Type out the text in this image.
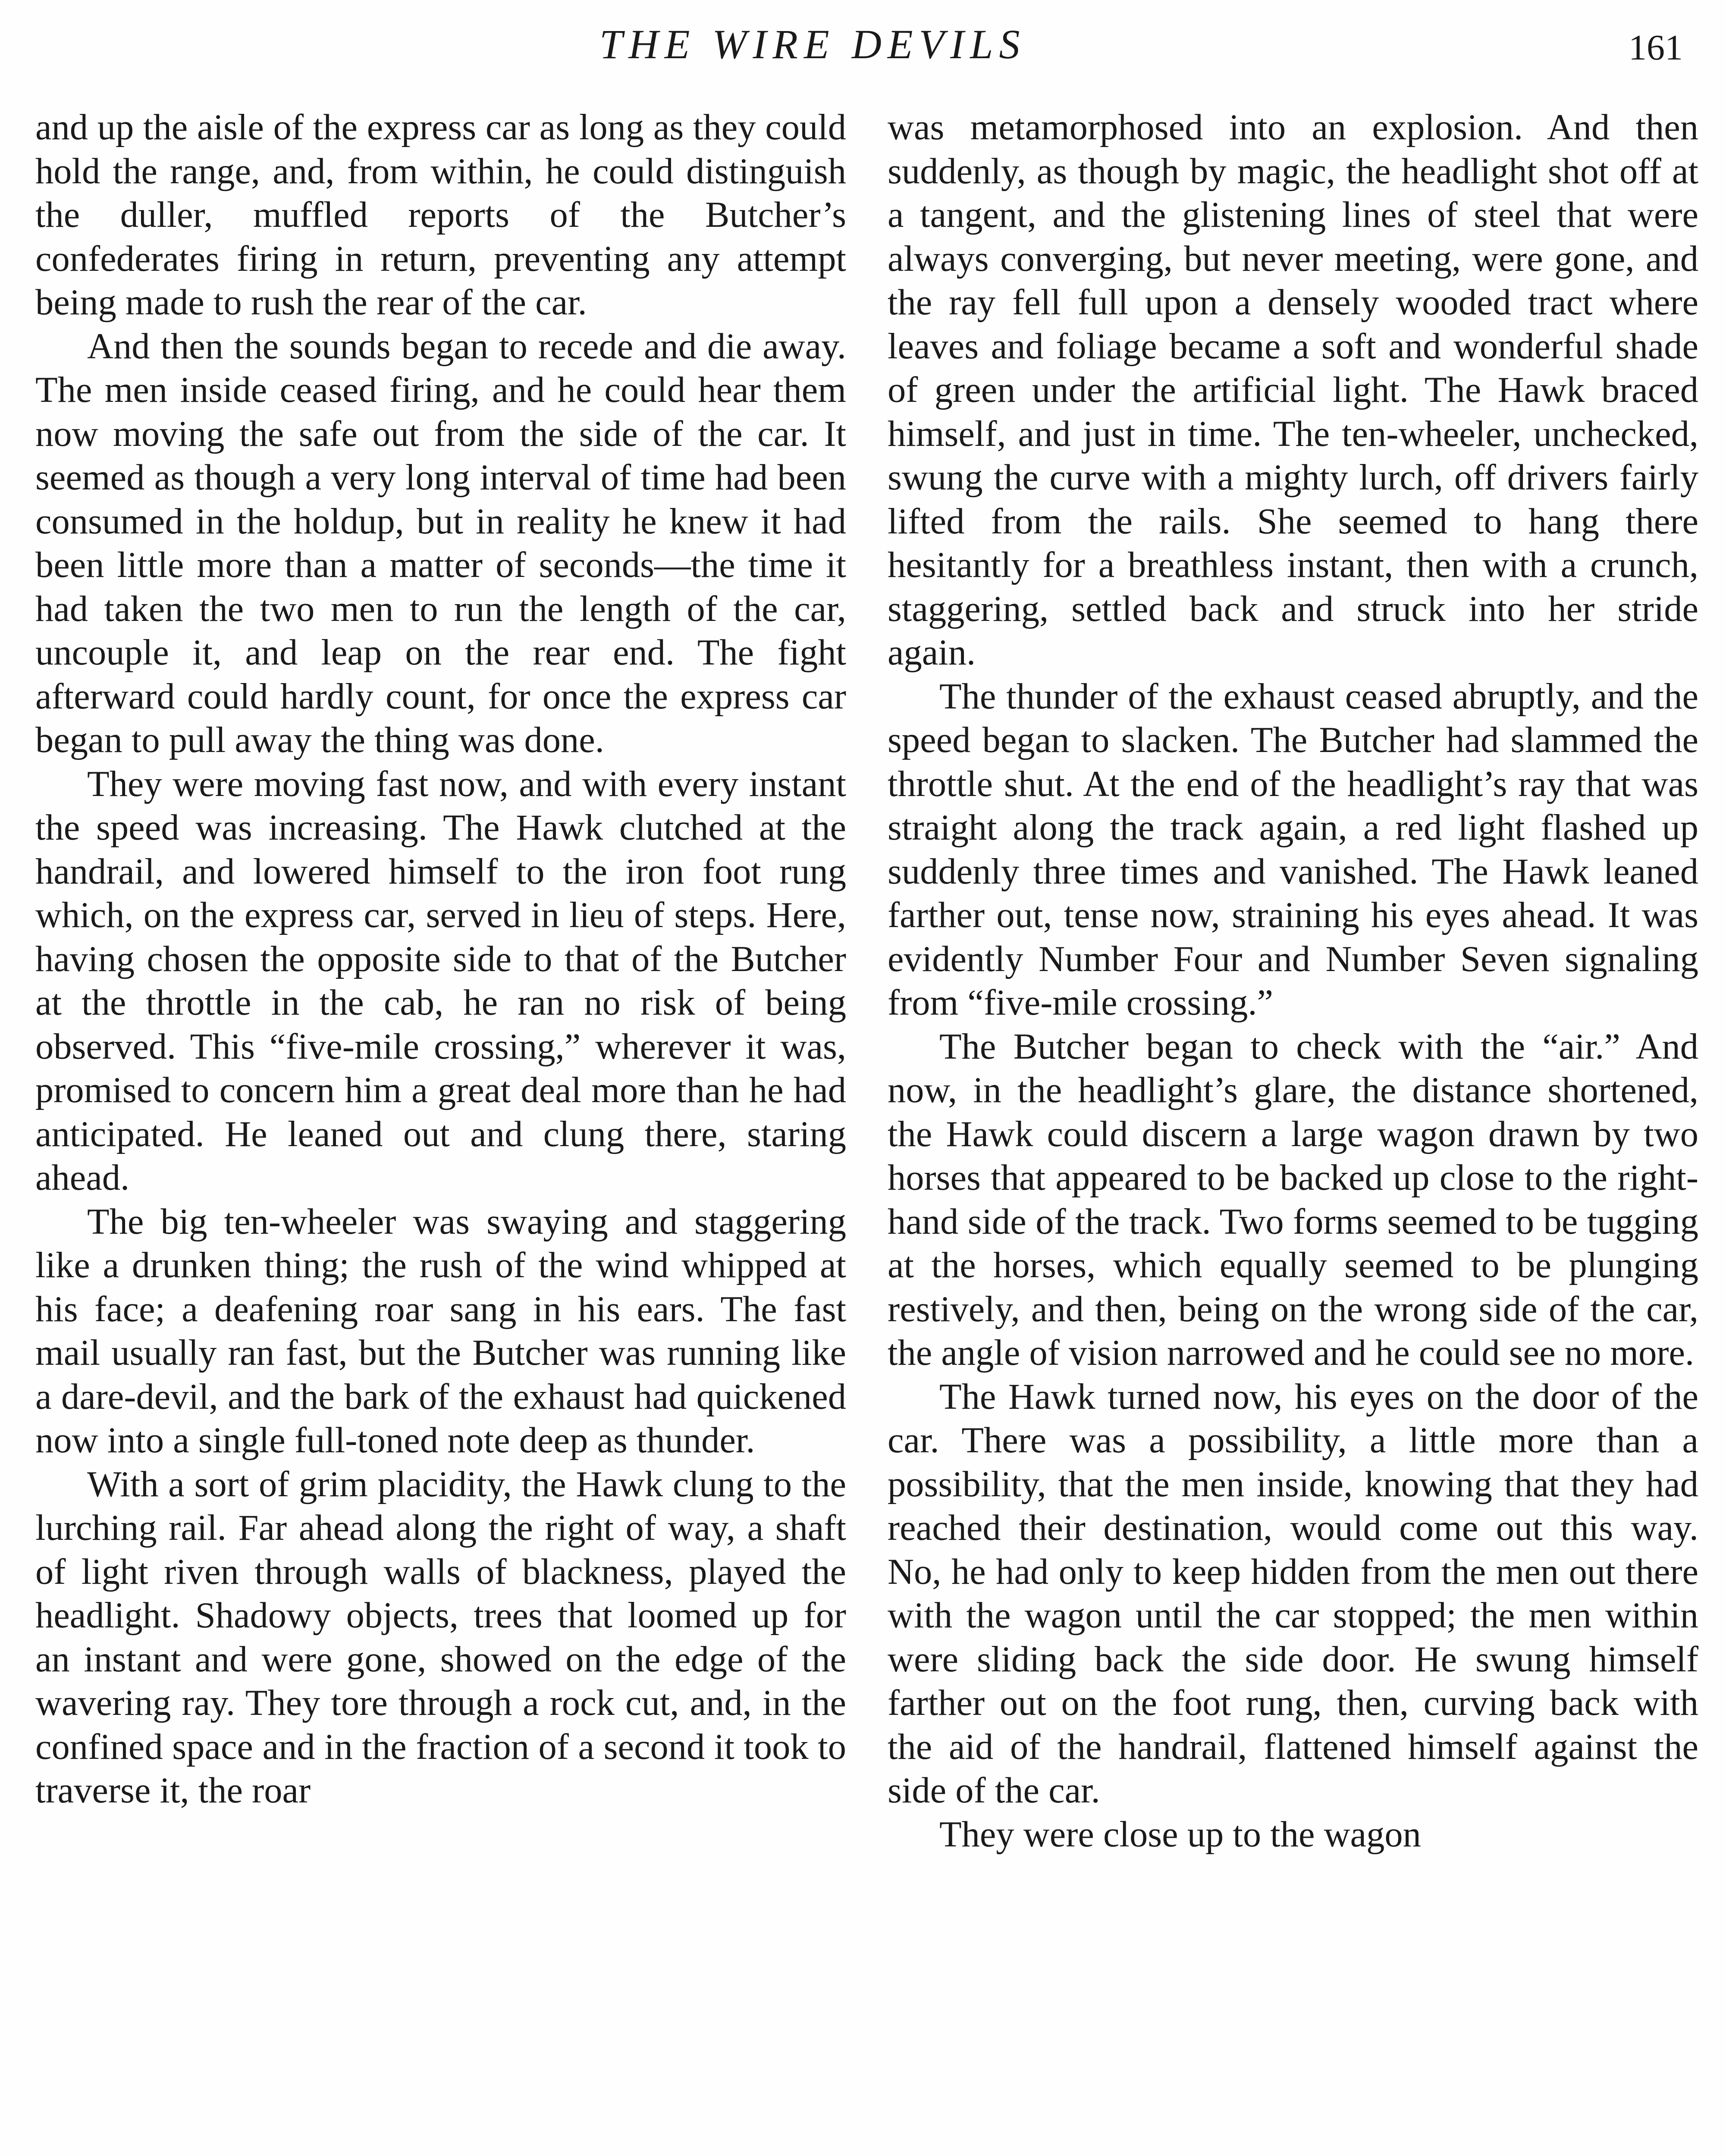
THE WIRE DEVILS	161

and up the aisle of the express car as long as they could hold the range, and, from within, he could distinguish the duller, muffled reports of the Butcher’s confederates firing in return, preventing any attempt being made to rush the rear of the car.

And then the sounds began to recede and die away. The men inside ceased firing, and he could hear them now moving the safe out from the side of the car. It seemed as though a very long interval of time had been consumed in the holdup, but in reality he knew it had been little more than a matter of seconds—the time it had taken the two men to run the length of the car, uncouple it, and leap on the rear end. The fight afterward could hardly count, for once the express car began to pull away the thing was done.

They were moving fast now, and with every instant the speed was increasing. The Hawk clutched at the handrail, and lowered himself to the iron foot rung which, on the express car, served in lieu of steps. Here, having chosen the opposite side to that of the Butcher at the throttle in the cab, he ran no risk of being observed. This “five-mile crossing,” wherever it was, promised to concern him a great deal more than he had anticipated. He leaned out and clung there, staring ahead.

The big ten-wheeler was swaying and staggering like a drunken thing; the rush of the wind whipped at his face; a deafening roar sang in his ears. The fast mail usually ran fast, but the Butcher was running like a dare-devil, and the bark of the exhaust had quickened now into a single full-toned note deep as thunder.

With a sort of grim placidity, the Hawk clung to the lurching rail. Far ahead along the right of way, a shaft of light riven through walls of blackness, played the headlight. Shadowy objects, trees that loomed up for an instant and were gone, showed on the edge of the wavering ray. They tore through a rock cut, and, in the confined space and in the fraction of a second it took to traverse it, the roar

was metamorphosed into an explosion. And then suddenly, as though by magic, the headlight shot off at a tangent, and the glistening lines of steel that were always converging, but never meeting, were gone, and the ray fell full upon a densely wooded tract where leaves and foliage became a soft and wonderful shade of green under the artificial light. The Hawk braced himself, and just in time. The ten-wheeler, unchecked, swung the curve with a mighty lurch, off drivers fairly lifted from the rails. She seemed to hang there hesitantly for a breathless instant, then with a crunch, staggering, settled back and struck into her stride again.

The thunder of the exhaust ceased abruptly, and the speed began to slacken. The Butcher had slammed the throttle shut. At the end of the headlight’s ray that was straight along the track again, a red light flashed up suddenly three times and vanished. The Hawk leaned farther out, tense now, straining his eyes ahead. It was evidently Number Four and Number Seven signaling from “five-mile crossing.”

The Butcher began to check with the “air.” And now, in the headlight’s glare, the distance shortened, the Hawk could discern a large wagon drawn by two horses that appeared to be backed up close to the right-hand side of the track. Two forms seemed to be tugging at the horses, which equally seemed to be plunging restively, and then, being on the wrong side of the car, the angle of vision narrowed and he could see no more.

The Hawk turned now, his eyes on the door of the car. There was a possibility, a little more than a possibility, that the men inside, knowing that they had reached their destination, would come out this way. No, he had only to keep hidden from the men out there with the wagon until the car stopped; the men within were sliding back the side door. He swung himself farther out on the foot rung, then, curving back with the aid of the handrail, flattened himself against the side of the car.

They were close up to the wagon
